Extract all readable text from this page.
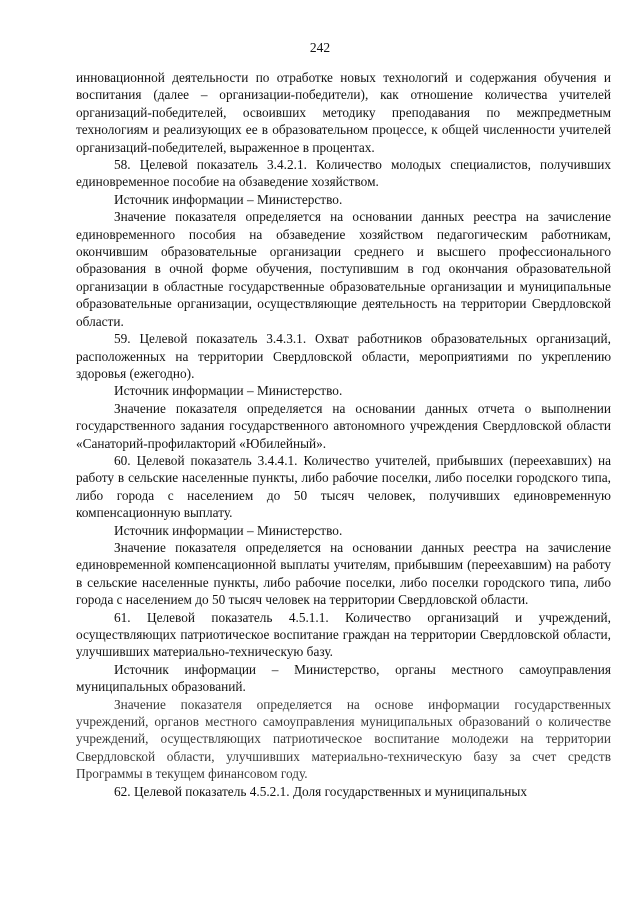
242

инновационной деятельности по отработке новых технологий и содержания обучения и воспитания (далее – организации-победители), как отношение количества учителей организаций-победителей, освоивших методику преподавания по межпредметным технологиям и реализующих ее в образовательном процессе, к общей численности учителей организаций-победителей, выраженное в процентах.

58. Целевой показатель 3.4.2.1. Количество молодых специалистов, получивших единовременное пособие на обзаведение хозяйством.

Источник информации – Министерство.

Значение показателя определяется на основании данных реестра на зачисление единовременного пособия на обзаведение хозяйством педагогическим работникам, окончившим образовательные организации среднего и высшего профессионального образования в очной форме обучения, поступившим в год окончания образовательной организации в областные государственные образовательные организации и муниципальные образовательные организации, осуществляющие деятельность на территории Свердловской области.

59. Целевой показатель 3.4.3.1. Охват работников образовательных организаций, расположенных на территории Свердловской области, мероприятиями по укреплению здоровья (ежегодно).

Источник информации – Министерство.

Значение показателя определяется на основании данных отчета о выполнении государственного задания государственного автономного учреждения Свердловской области «Санаторий-профилакторий «Юбилейный».

60. Целевой показатель 3.4.4.1. Количество учителей, прибывших (переехавших) на работу в сельские населенные пункты, либо рабочие поселки, либо поселки городского типа, либо города с населением до 50 тысяч человек, получивших единовременную компенсационную выплату.

Источник информации – Министерство.

Значение показателя определяется на основании данных реестра на зачисление единовременной компенсационной выплаты учителям, прибывшим (переехавшим) на работу в сельские населенные пункты, либо рабочие поселки, либо поселки городского типа, либо города с населением до 50 тысяч человек на территории Свердловской области.

61. Целевой показатель 4.5.1.1. Количество организаций и учреждений, осуществляющих патриотическое воспитание граждан на территории Свердловской области, улучшивших материально-техническую базу.

Источник информации – Министерство, органы местного самоуправления муниципальных образований.

Значение показателя определяется на основе информации государственных учреждений, органов местного самоуправления муниципальных образований о количестве учреждений, осуществляющих патриотическое воспитание молодежи на территории Свердловской области, улучшивших материально-техническую базу за счет средств Программы в текущем финансовом году.

62. Целевой показатель 4.5.2.1. Доля государственных и муниципальных
